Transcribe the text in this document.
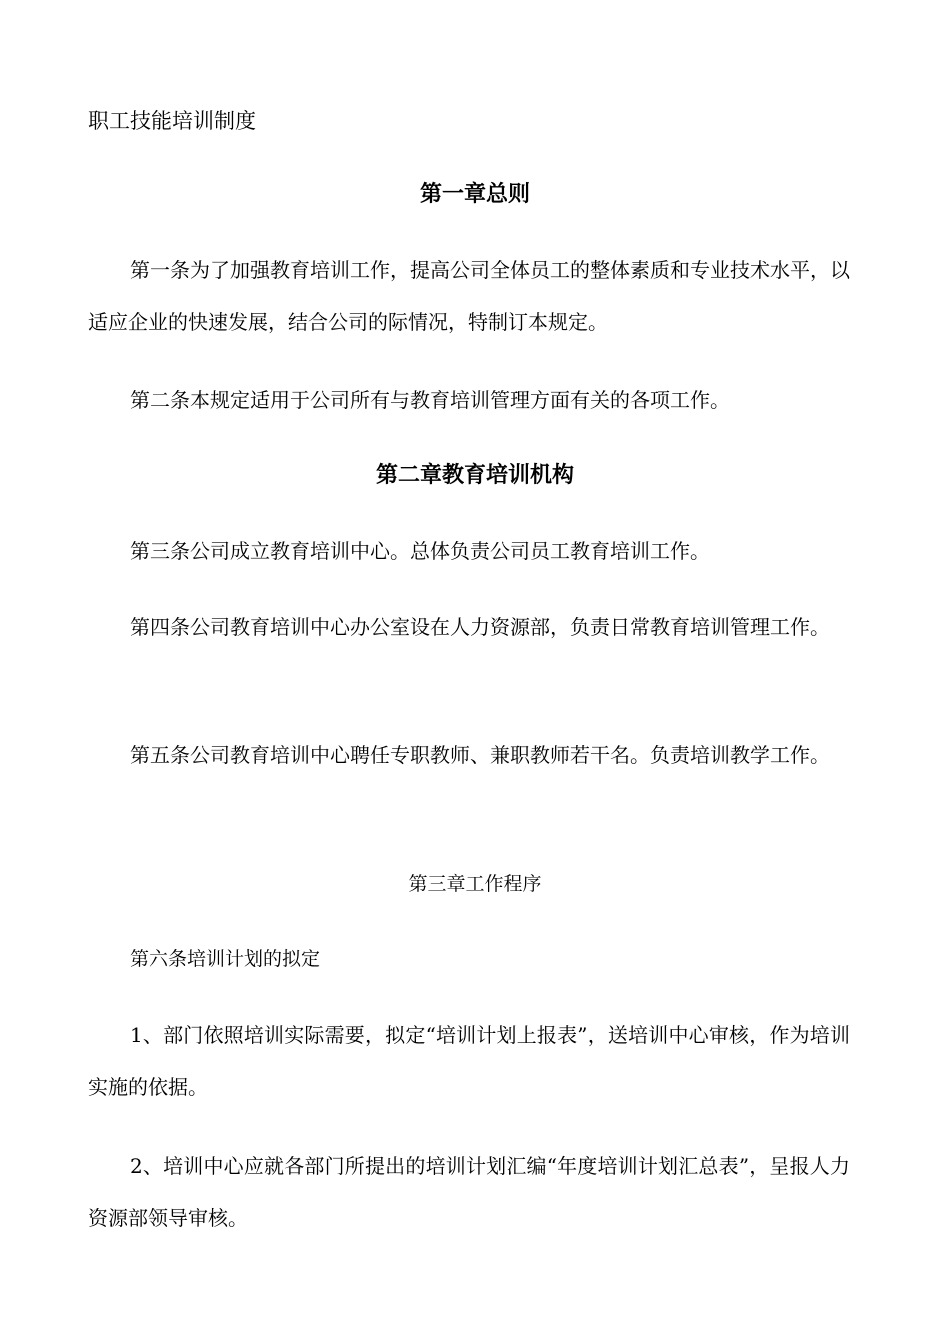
职工技能培训制度
第一章总则

第一条为了加强教育培训工作，提高公司全体员工的整体素质和专业技术水平，以适应企业的快速发展，结合公司的际情况，特制订本规定。

第二条本规定适用于公司所有与教育培训管理方面有关的各项工作。

第二章教育培训机构

第三条公司成立教育培训中心。总体负责公司员工教育培训工作。

第四条公司教育培训中心办公室设在人力资源部，负责日常教育培训管理工作。

第五条公司教育培训中心聘任专职教师、兼职教师若干名。负责培训教学工作。

第三章工作程序

第六条培训计划的拟定

1、部门依照培训实际需要，拟定“培训计划上报表”，送培训中心审核，作为培训实施的依据。

2、培训中心应就各部门所提出的培训计划汇编“年度培训计划汇总表”，呈报人力资源部领导审核。
